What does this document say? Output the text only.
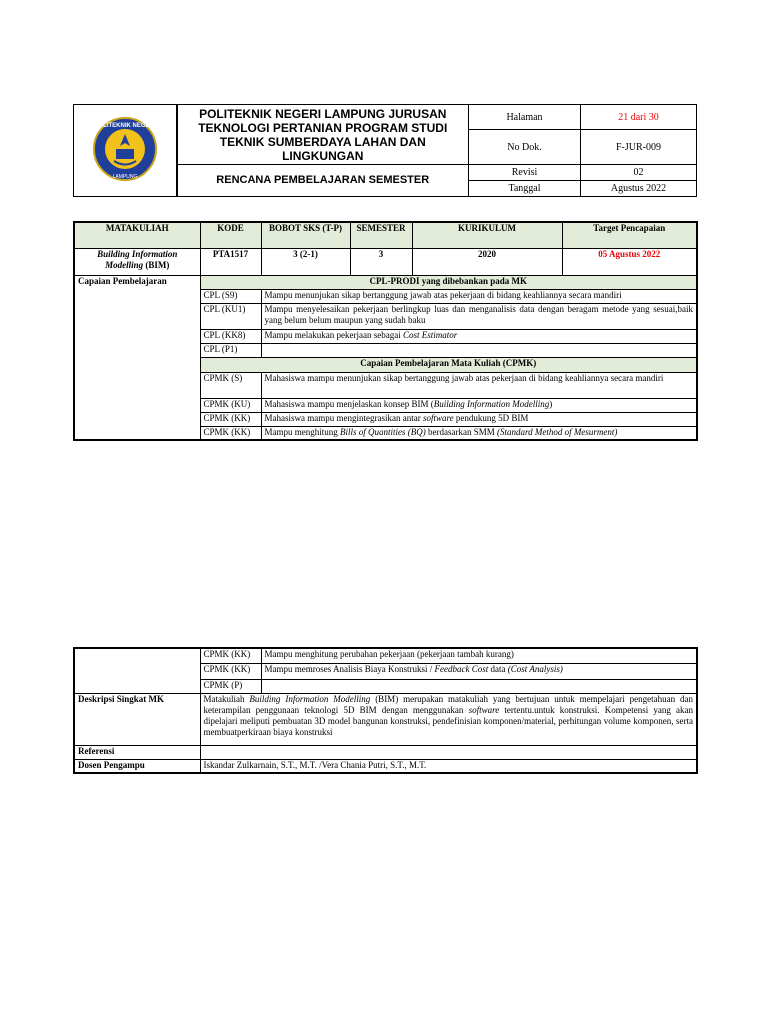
POLITEKNIK NEGERI
LAMPUNG	POLITEKNIK NEGERI LAMPUNG JURUSAN TEKNOLOGI PERTANIAN PROGRAM STUDI TEKNIK SUMBERDAYA LAHAN DAN LINGKUNGAN	Halaman	21 dari 30
		No Dok.	F-JUR-009
	RENCANA PEMBELAJARAN SEMESTER	Revisi	02
		Tanggal	Agustus 2022
MATAKULIAH	KODE	BOBOT SKS (T-P)	SEMESTER	KURIKULUM	Target Pencapaian
Building Information Modelling (BIM)	PTA1517	3 (2-1)	3	2020	05 Agustus 2022
Capaian Pembelajaran	CPL-PRODI yang dibebankan pada MK				
	CPL (S9)	Mampu menunjukan sikap bertanggung jawab atas pekerjaan di bidang keahliannya secara mandiri			
	CPL (KU1)	Mampu menyelesaikan pekerjaan berlingkup luas dan menganalisis data dengan beragam metode yang sesuai,baik yang belum belum maupun yang sudah baku			
	CPL (KK8)	Mampu melakukan pekerjaan sebagai Cost Estimator			
	CPL (P1)				
	Capaian Pembelajaran Mata Kuliah (CPMK)				
	CPMK (S)	Mahasiswa mampu menunjukan sikap bertanggung jawab atas pekerjaan di bidang keahliannya secara mandiri			
	CPMK (KU)	Mahasiswa mampu menjelaskan konsep BIM (Building Information Modelling)			
	CPMK (KK)	Mahasiswa mampu mengintegrasikan antar software pendukung 5D BIM			
	CPMK (KK)	Mampu menghitung Bills of Quantities (BQ) berdasarkan SMM (Standard Method of Mesurment)			
	CPMK (KK)	Mampu menghitung perubahan pekerjaan (pekerjaan tambah kurang)
	CPMK (KK)	Mampu memroses Analisis Biaya Konstruksi / Feedback Cost data (Cost Analysis)
	CPMK (P)	
Deskripsi Singkat MK	Matakuliah Building Information Modelling (BIM) merupakan matakuliah yang bertujuan untuk mempelajari pengetahuan dan keterampilan penggunaan teknologi 5D BIM dengan menggunakan software tertentu.untuk konstruksi. Kompetensi yang akan dipelajari meliputi pembuatan 3D model bangunan konstruksi, pendefinisian komponen/material, perhitungan volume komponen, serta membuatperkiraan biaya konstruksi	
Referensi		
Dosen Pengampu	Iskandar Zulkarnain, S.T., M.T. /Vera Chania Putri, S.T., M.T.	
